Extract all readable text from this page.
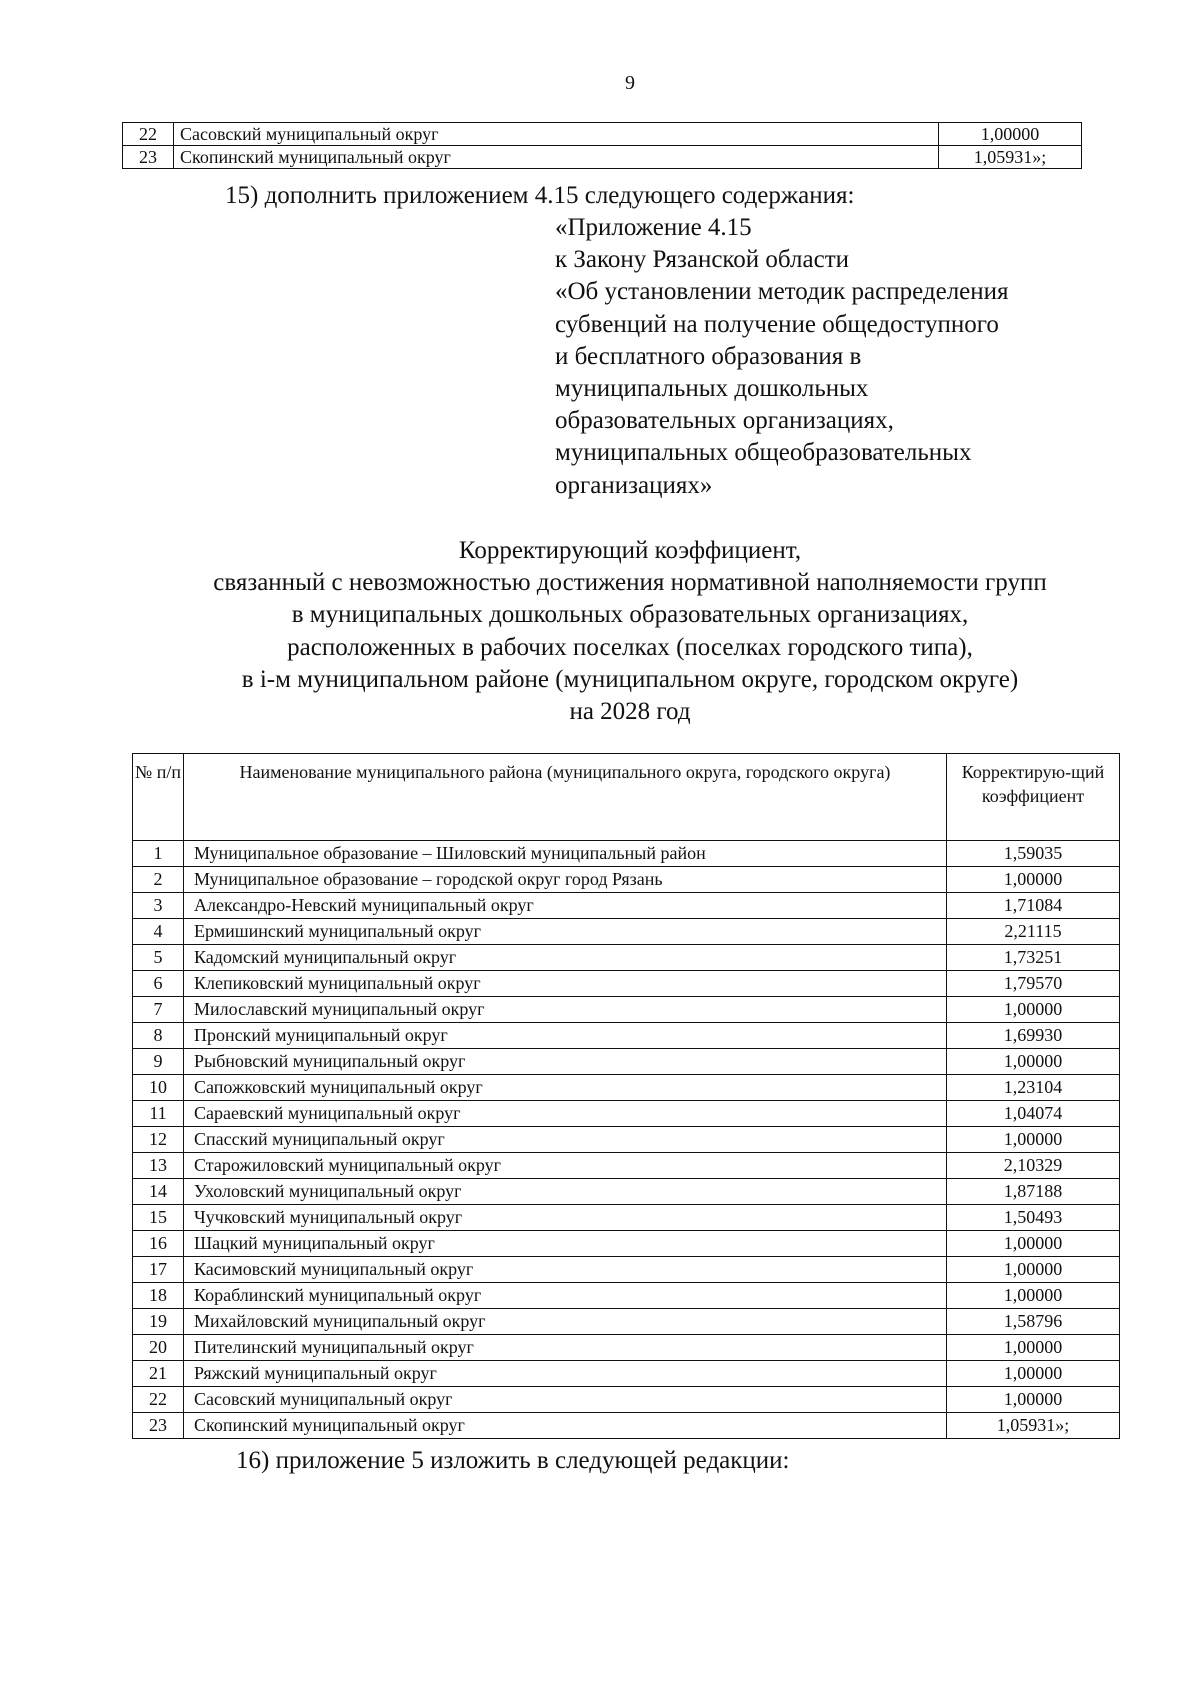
9
22	Сасовский муниципальный округ	1,00000
23	Скопинский муниципальный округ	1,05931»;
15) дополнить приложением 4.15 следующего содержания:
«Приложение 4.15
к Закону Рязанской области
«Об установлении методик распределения
субвенций на получение общедоступного
и бесплатного образования в
муниципальных дошкольных
образовательных организациях,
муниципальных общеобразовательных
организациях»
Корректирующий коэффициент,
связанный с невозможностью достижения нормативной наполняемости групп
в муниципальных дошкольных образовательных организациях,
расположенных в рабочих поселках (поселках городского типа),
в i-м муниципальном районе (муниципальном округе, городском округе)
на 2028 год
№ п/п	Наименование муниципального района (муниципального округа, городского округа)	Корректирую-щий коэффициент
1	Муниципальное образование – Шиловский муниципальный район	1,59035
2	Муниципальное образование – городской округ город Рязань	1,00000
3	Александро-Невский муниципальный округ	1,71084
4	Ермишинский муниципальный округ	2,21115
5	Кадомский муниципальный округ	1,73251
6	Клепиковский муниципальный округ	1,79570
7	Милославский муниципальный округ	1,00000
8	Пронский муниципальный округ	1,69930
9	Рыбновский муниципальный округ	1,00000
10	Сапожковский муниципальный округ	1,23104
11	Сараевский муниципальный округ	1,04074
12	Спасский муниципальный округ	1,00000
13	Старожиловский муниципальный округ	2,10329
14	Ухоловский муниципальный округ	1,87188
15	Чучковский муниципальный округ	1,50493
16	Шацкий муниципальный округ	1,00000
17	Касимовский муниципальный округ	1,00000
18	Кораблинский муниципальный округ	1,00000
19	Михайловский муниципальный округ	1,58796
20	Пителинский муниципальный округ	1,00000
21	Ряжский муниципальный округ	1,00000
22	Сасовский муниципальный округ	1,00000
23	Скопинский муниципальный округ	1,05931»;
16) приложение 5 изложить в следующей редакции:
